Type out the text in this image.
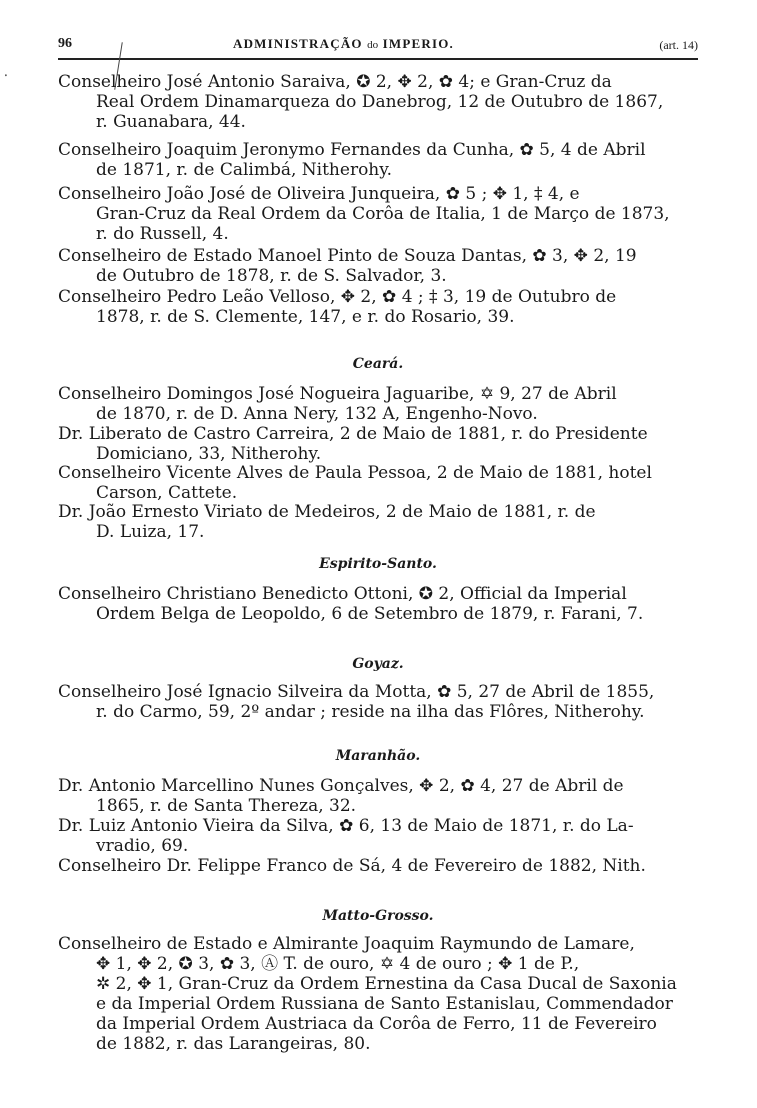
⸱
96	ADMINISTRAÇÃO do IMPERIO.	(art. 14)
Conselheiro José Antonio Saraiva, ✪ 2, ✥ 2, ✿ 4; e Gran-Cruz da
Real Ordem Dinamarqueza do Danebrog, 12 de Outubro de 1867,
r. Guanabara, 44.
Conselheiro Joaquim Jeronymo Fernandes da Cunha, ✿ 5, 4 de Abril
de 1871, r. de Calimbá, Nitherohy.
Conselheiro João José de Oliveira Junqueira, ✿ 5 ; ✥ 1, ‡ 4, e
Gran-Cruz da Real Ordem da Corôa de Italia, 1 de Março de 1873,
r. do Russell, 4.
Conselheiro de Estado Manoel Pinto de Souza Dantas, ✿ 3, ✥ 2, 19
de Outubro de 1878, r. de S. Salvador, 3.
Conselheiro Pedro Leão Velloso, ✥ 2, ✿ 4 ; ‡ 3, 19 de Outubro de
1878, r. de S. Clemente, 147, e r. do Rosario, 39.
Ceará.
Conselheiro Domingos José Nogueira Jaguaribe, ✡ 9, 27 de Abril
de 1870, r. de D. Anna Nery, 132 A, Engenho-Novo.
Dr. Liberato de Castro Carreira, 2 de Maio de 1881, r. do Presidente
Domiciano, 33, Nitherohy.
Conselheiro Vicente Alves de Paula Pessoa, 2 de Maio de 1881, hotel
Carson, Cattete.
Dr. João Ernesto Viriato de Medeiros, 2 de Maio de 1881, r. de
D. Luiza, 17.
Espirito-Santo.
Conselheiro Christiano Benedicto Ottoni, ✪ 2, Official da Imperial
Ordem Belga de Leopoldo, 6 de Setembro de 1879, r. Farani, 7.
Goyaz.
Conselheiro José Ignacio Silveira da Motta, ✿ 5, 27 de Abril de 1855,
r. do Carmo, 59, 2º andar ; reside na ilha das Flôres, Nitherohy.
Maranhão.
Dr. Antonio Marcellino Nunes Gonçalves, ✥ 2, ✿ 4, 27 de Abril de
1865, r. de Santa Thereza, 32.
Dr. Luiz Antonio Vieira da Silva, ✿ 6, 13 de Maio de 1871, r. do La-
vradio, 69.
Conselheiro Dr. Felippe Franco de Sá, 4 de Fevereiro de 1882, Nith.
Matto-Grosso.
Conselheiro de Estado e Almirante Joaquim Raymundo de Lamare,
✥ 1, ✥ 2, ✪ 3, ✿ 3, Ⓐ T. de ouro, ✡ 4 de ouro ; ✥ 1 de P.,
✲ 2, ✥ 1, Gran-Cruz da Ordem Ernestina da Casa Ducal de Saxonia
e da Imperial Ordem Russiana de Santo Estanislau, Commendador
da Imperial Ordem Austriaca da Corôa de Ferro, 11 de Fevereiro
de 1882, r. das Larangeiras, 80.
